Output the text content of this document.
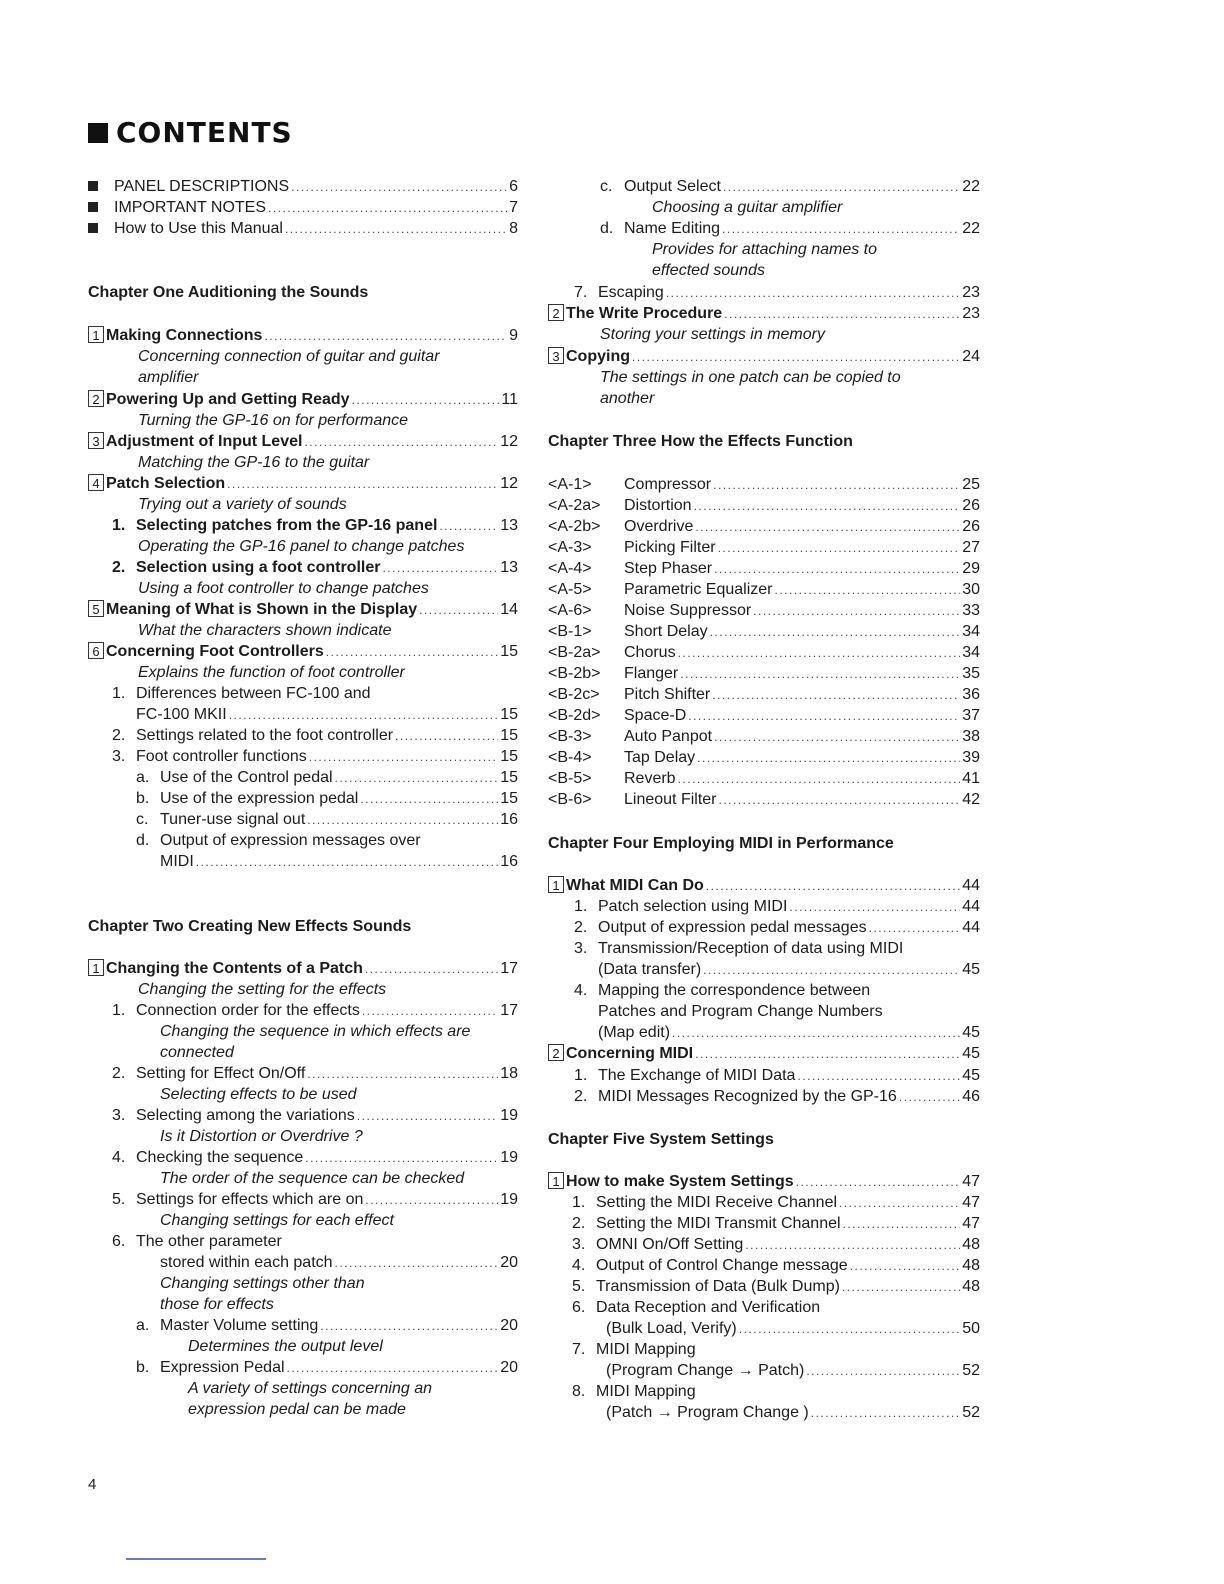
CONTENTS
PANEL DESCRIPTIONS .....	6
IMPORTANT NOTES .....	7
How to Use this Manual .....	8
Chapter One Auditioning the Sounds
1 Making Connections .....	9
Concerning connection of guitar and guitar
amplifier
2 Powering Up and Getting Ready .....	11
Turning the GP-16 on for performance
3 Adjustment of Input Level .....	12
Matching the GP-16 to the guitar
4 Patch Selection .....	12
Trying out a variety of sounds
1. Selecting patches from the GP-16 panel .....	13
Operating the GP-16 panel to change patches
2. Selection using a foot controller .....	13
Using a foot controller to change patches
5 Meaning of What is Shown in the Display .....	14
What the characters shown indicate
6 Concerning Foot Controllers .....	15
Explains the function of foot controller
1. Differences between FC-100 and
FC-100 MKII .....	15
2. Settings related to the foot controller .....	15
3. Foot controller functions .....	15
a. Use of the Control pedal .....	15
b. Use of the expression pedal .....	15
c. Tuner-use signal out .....	16
d. Output of expression messages over
MIDI .....	16
Chapter Two Creating New Effects Sounds
1 Changing the Contents of a Patch .....	17
Changing the setting for the effects
1. Connection order for the effects .....	17
Changing the sequence in which effects are
connected
2. Setting for Effect On/Off .....	18
Selecting effects to be used
3. Selecting among the variations .....	19
Is it Distortion or Overdrive ?
4. Checking the sequence .....	19
The order of the sequence can be checked
5. Settings for effects which are on .....	19
Changing settings for each effect
6. The other parameter
stored within each patch .....	20
Changing settings other than
those for effects
a. Master Volume setting .....	20
Determines the output level
b. Expression Pedal .....	20
A variety of settings concerning an
expression pedal can be made
c. Output Select .....	22
Choosing a guitar amplifier
d. Name Editing .....	22
Provides for attaching names to
effected sounds
7. Escaping .....	23
2 The Write Procedure .....	23
Storing your settings in memory
3 Copying .....	24
The settings in one patch can be copied to
another
Chapter Three How the Effects Function
<A-1> Compressor .....	25
<A-2a> Distortion .....	26
<A-2b> Overdrive .....	26
<A-3> Picking Filter .....	27
<A-4> Step Phaser .....	29
<A-5> Parametric Equalizer .....	30
<A-6> Noise Suppressor .....	33
<B-1> Short Delay .....	34
<B-2a> Chorus .....	34
<B-2b> Flanger .....	35
<B-2c> Pitch Shifter .....	36
<B-2d> Space-D .....	37
<B-3> Auto Panpot .....	38
<B-4> Tap Delay .....	39
<B-5> Reverb .....	41
<B-6> Lineout Filter .....	42
Chapter Four Employing MIDI in Performance
1 What MIDI Can Do .....	44
1. Patch selection using MIDI .....	44
2. Output of expression pedal messages .....	44
3. Transmission/Reception of data using MIDI
(Data transfer) .....	45
4. Mapping the correspondence between
Patches and Program Change Numbers
(Map edit) .....	45
2 Concerning MIDI .....	45
1. The Exchange of MIDI Data .....	45
2. MIDI Messages Recognized by the GP-16 .....	46
Chapter Five System Settings
1 How to make System Settings .....	47
1. Setting the MIDI Receive Channel .....	47
2. Setting the MIDI Transmit Channel .....	47
3. OMNI On/Off Setting .....	48
4. Output of Control Change message .....	48
5. Transmission of Data (Bulk Dump) .....	48
6. Data Reception and Verification
(Bulk Load, Verify) .....	50
7. MIDI Mapping
(Program Change → Patch) .....	52
8. MIDI Mapping
(Patch → Program Change ) .....	52

4
